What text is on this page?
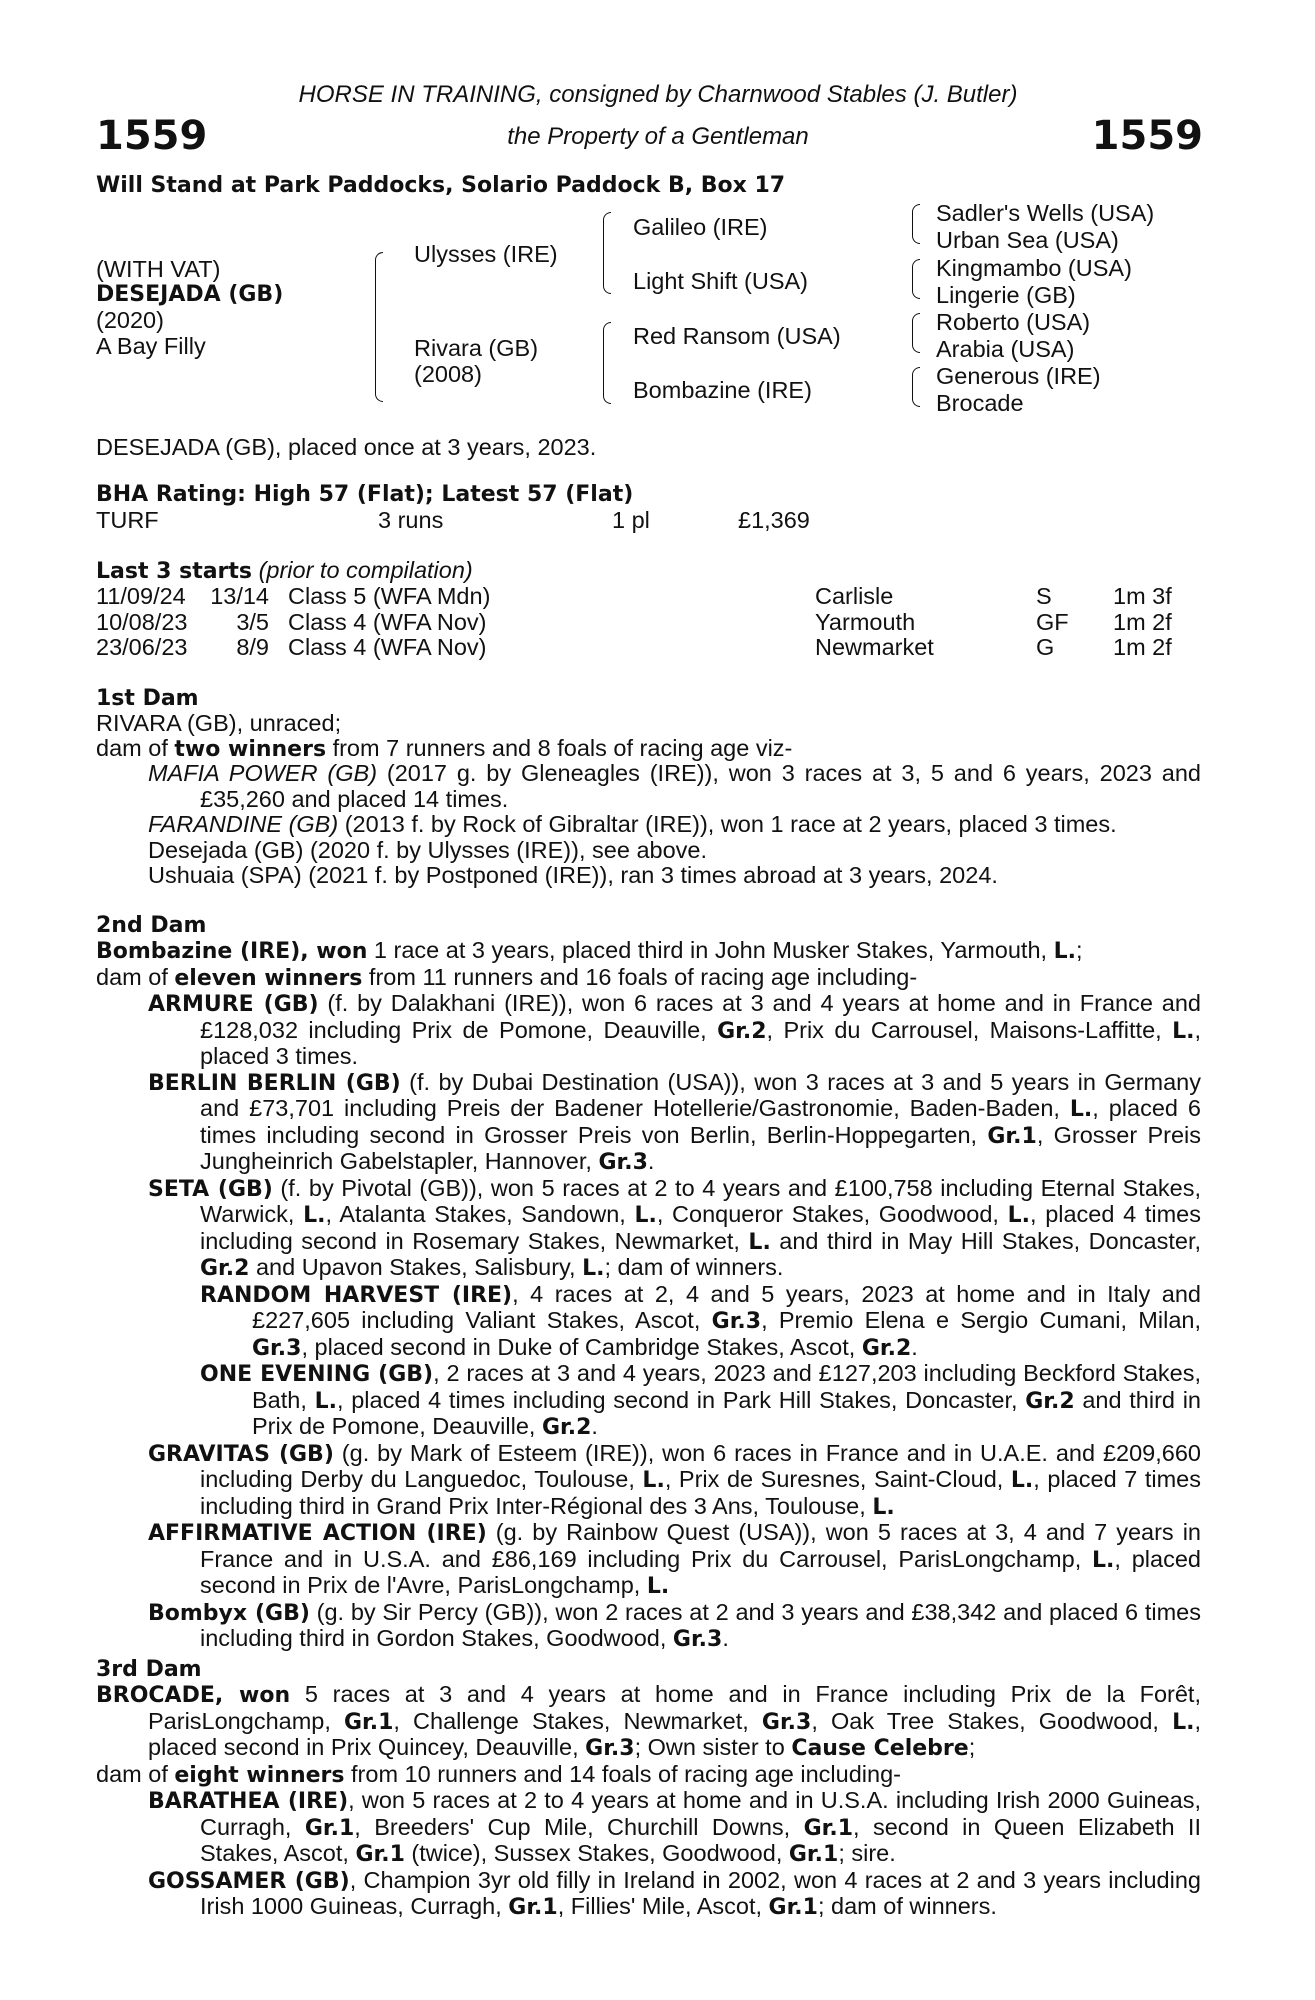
HORSE IN TRAINING, consigned by Charnwood Stables (J. Butler)
1559	the Property of a Gentleman	1559
Will Stand at Park Paddocks, Solario Paddock B, Box 17
(WITH VAT)
DESEJADA (GB)
(2020)
A Bay Filly
Ulysses (IRE)
Rivara (GB)
(2008)
Galileo (IRE)
Light Shift (USA)
Red Ransom (USA)
Bombazine (IRE)
Sadler's Wells (USA)
Urban Sea (USA)
Kingmambo (USA)
Lingerie (GB)
Roberto (USA)
Arabia (USA)
Generous (IRE)
Brocade
DESEJADA (GB), placed once at 3 years, 2023.
BHA Rating: High 57 (Flat); Latest 57 (Flat)
TURF	3 runs	1 pl	£1,369
Last 3 starts (prior to compilation)
11/09/24	13/14 Class 5 (WFA Mdn)	Carlisle	S	1m 3f
10/08/23	3/5 Class 4 (WFA Nov)	Yarmouth	GF 1m 2f
23/06/23	8/9 Class 4 (WFA Nov)	Newmarket	G 1m 2f
1st Dam
RIVARA (GB), unraced;
dam of two winners from 7 runners and 8 foals of racing age viz-
MAFIA POWER (GB) (2017 g. by Gleneagles (IRE)), won 3 races at 3, 5 and 6 years, 2023 and £35,260 and placed 14 times.
FARANDINE (GB) (2013 f. by Rock of Gibraltar (IRE)), won 1 race at 2 years, placed 3 times.
Desejada (GB) (2020 f. by Ulysses (IRE)), see above.
Ushuaia (SPA) (2021 f. by Postponed (IRE)), ran 3 times abroad at 3 years, 2024.
2nd Dam
Bombazine (IRE), won 1 race at 3 years, placed third in John Musker Stakes, Yarmouth, L.;
dam of eleven winners from 11 runners and 16 foals of racing age including-
ARMURE (GB) (f. by Dalakhani (IRE)), won 6 races at 3 and 4 years at home and in France and £128,032 including Prix de Pomone, Deauville, Gr.2, Prix du Carrousel, Maisons-Laffitte, L., placed 3 times.
BERLIN BERLIN (GB) (f. by Dubai Destination (USA)), won 3 races at 3 and 5 years in Germany and £73,701 including Preis der Badener Hotellerie/Gastronomie, Baden-Baden, L., placed 6 times including second in Grosser Preis von Berlin, Berlin-Hoppegarten, Gr.1, Grosser Preis Jungheinrich Gabelstapler, Hannover, Gr.3.
SETA (GB) (f. by Pivotal (GB)), won 5 races at 2 to 4 years and £100,758 including Eternal Stakes, Warwick, L., Atalanta Stakes, Sandown, L., Conqueror Stakes, Goodwood, L., placed 4 times including second in Rosemary Stakes, Newmarket, L. and third in May Hill Stakes, Doncaster, Gr.2 and Upavon Stakes, Salisbury, L.; dam of winners.
RANDOM HARVEST (IRE), 4 races at 2, 4 and 5 years, 2023 at home and in Italy and £227,605 including Valiant Stakes, Ascot, Gr.3, Premio Elena e Sergio Cumani, Milan, Gr.3, placed second in Duke of Cambridge Stakes, Ascot, Gr.2.
ONE EVENING (GB), 2 races at 3 and 4 years, 2023 and £127,203 including Beckford Stakes, Bath, L., placed 4 times including second in Park Hill Stakes, Doncaster, Gr.2 and third in Prix de Pomone, Deauville, Gr.2.
GRAVITAS (GB) (g. by Mark of Esteem (IRE)), won 6 races in France and in U.A.E. and £209,660 including Derby du Languedoc, Toulouse, L., Prix de Suresnes, Saint-Cloud, L., placed 7 times including third in Grand Prix Inter-Régional des 3 Ans, Toulouse, L.
AFFIRMATIVE ACTION (IRE) (g. by Rainbow Quest (USA)), won 5 races at 3, 4 and 7 years in France and in U.S.A. and £86,169 including Prix du Carrousel, ParisLongchamp, L., placed second in Prix de l'Avre, ParisLongchamp, L.
Bombyx (GB) (g. by Sir Percy (GB)), won 2 races at 2 and 3 years and £38,342 and placed 6 times including third in Gordon Stakes, Goodwood, Gr.3.
3rd Dam
BROCADE, won 5 races at 3 and 4 years at home and in France including Prix de la Forêt, ParisLongchamp, Gr.1, Challenge Stakes, Newmarket, Gr.3, Oak Tree Stakes, Goodwood, L., placed second in Prix Quincey, Deauville, Gr.3; Own sister to Cause Celebre;
dam of eight winners from 10 runners and 14 foals of racing age including-
BARATHEA (IRE), won 5 races at 2 to 4 years at home and in U.S.A. including Irish 2000 Guineas, Curragh, Gr.1, Breeders' Cup Mile, Churchill Downs, Gr.1, second in Queen Elizabeth II Stakes, Ascot, Gr.1 (twice), Sussex Stakes, Goodwood, Gr.1; sire.
GOSSAMER (GB), Champion 3yr old filly in Ireland in 2002, won 4 races at 2 and 3 years including Irish 1000 Guineas, Curragh, Gr.1, Fillies' Mile, Ascot, Gr.1; dam of winners.
